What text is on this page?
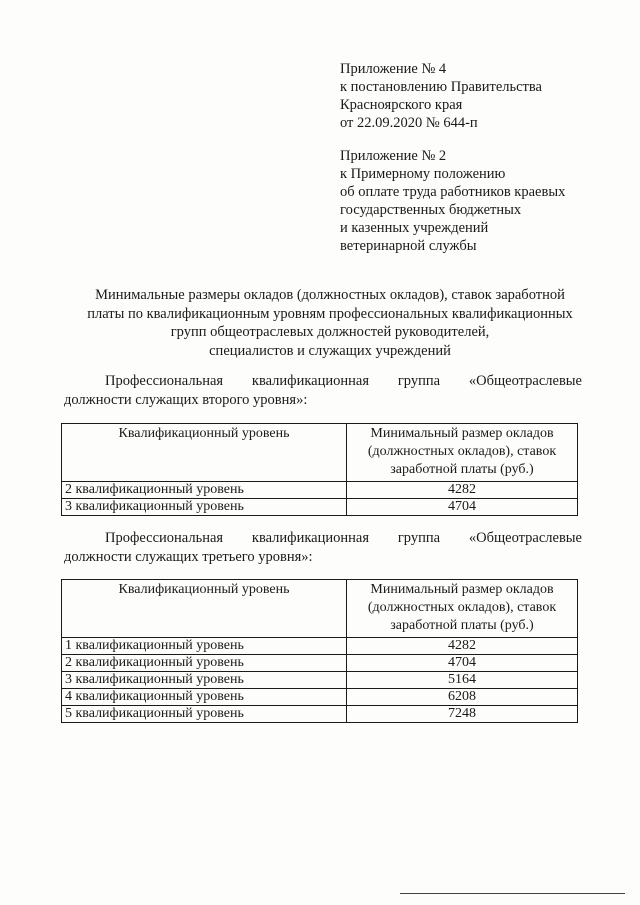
Приложение № 4
к постановлению Правительства
Красноярского края
от 22.09.2020 № 644-п
Приложение № 2
к Примерному положению
об оплате труда работников краевых
государственных бюджетных
и казенных учреждений
ветеринарной службы
Минимальные размеры окладов (должностных окладов), ставок заработной
платы по квалификационным уровням профессиональных квалификационных
групп общеотраслевых должностей руководителей,
специалистов и служащих учреждений
Профессиональная квалификационная группа «Общеотраслевые
должности служащих второго уровня»:
Квалификационный уровень	Минимальный размер окладов (должностных окладов), ставок заработной платы (руб.)
2 квалификационный уровень	4282
3 квалификационный уровень	4704
Профессиональная квалификационная группа «Общеотраслевые
должности служащих третьего уровня»:
Квалификационный уровень	Минимальный размер окладов (должностных окладов), ставок заработной платы (руб.)
1 квалификационный уровень	4282
2 квалификационный уровень	4704
3 квалификационный уровень	5164
4 квалификационный уровень	6208
5 квалификационный уровень	7248
